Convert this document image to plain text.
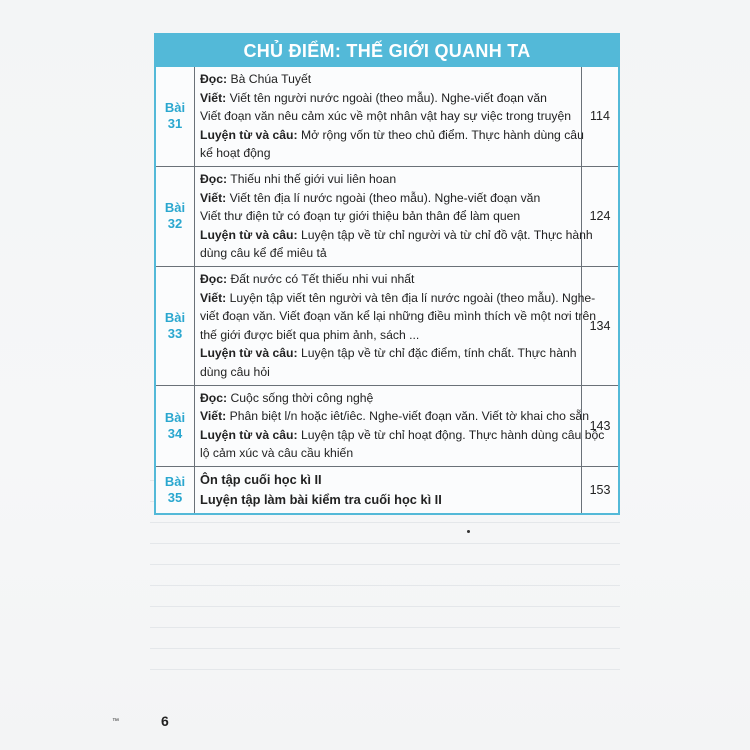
CHỦ ĐIỂM: THẾ GIỚI QUANH TA
Bài
31
Đọc: Bà Chúa Tuyết
Viết: Viết tên người nước ngoài (theo mẫu). Nghe-viết đoạn văn
Viết đoạn văn nêu cảm xúc về một nhân vật hay sự việc trong truyện
Luyện từ và câu: Mở rộng vốn từ theo chủ điểm. Thực hành dùng câu
kể hoạt động
114
Bài
32
Đọc: Thiếu nhi thế giới vui liên hoan
Viết: Viết tên địa lí nước ngoài (theo mẫu). Nghe-viết đoạn văn
Viết thư điện tử có đoạn tự giới thiệu bản thân để làm quen
Luyện từ và câu: Luyện tập về từ chỉ người và từ chỉ đồ vật. Thực hành
dùng câu kể để miêu tả
124
Bài
33
Đọc: Đất nước có Tết thiếu nhi vui nhất
Viết: Luyện tập viết tên người và tên địa lí nước ngoài (theo mẫu). Nghe-
viết đoạn văn. Viết đoạn văn kể lại những điều mình thích về một nơi trên
thế giới được biết qua phim ảnh, sách ...
Luyện từ và câu: Luyện tập về từ chỉ đặc điểm, tính chất. Thực hành
dùng câu hỏi
134
Bài
34
Đọc: Cuộc sống thời công nghệ
Viết: Phân biệt l/n hoặc iêt/iêc. Nghe-viết đoạn văn. Viết tờ khai cho sẵn
Luyện từ và câu: Luyện tập về từ chỉ hoạt động. Thực hành dùng câu bộc
lộ cảm xúc và câu cầu khiến
143
Bài
35
Ôn tập cuối học kì II
Luyện tập làm bài kiểm tra cuối học kì II
153
™	6
